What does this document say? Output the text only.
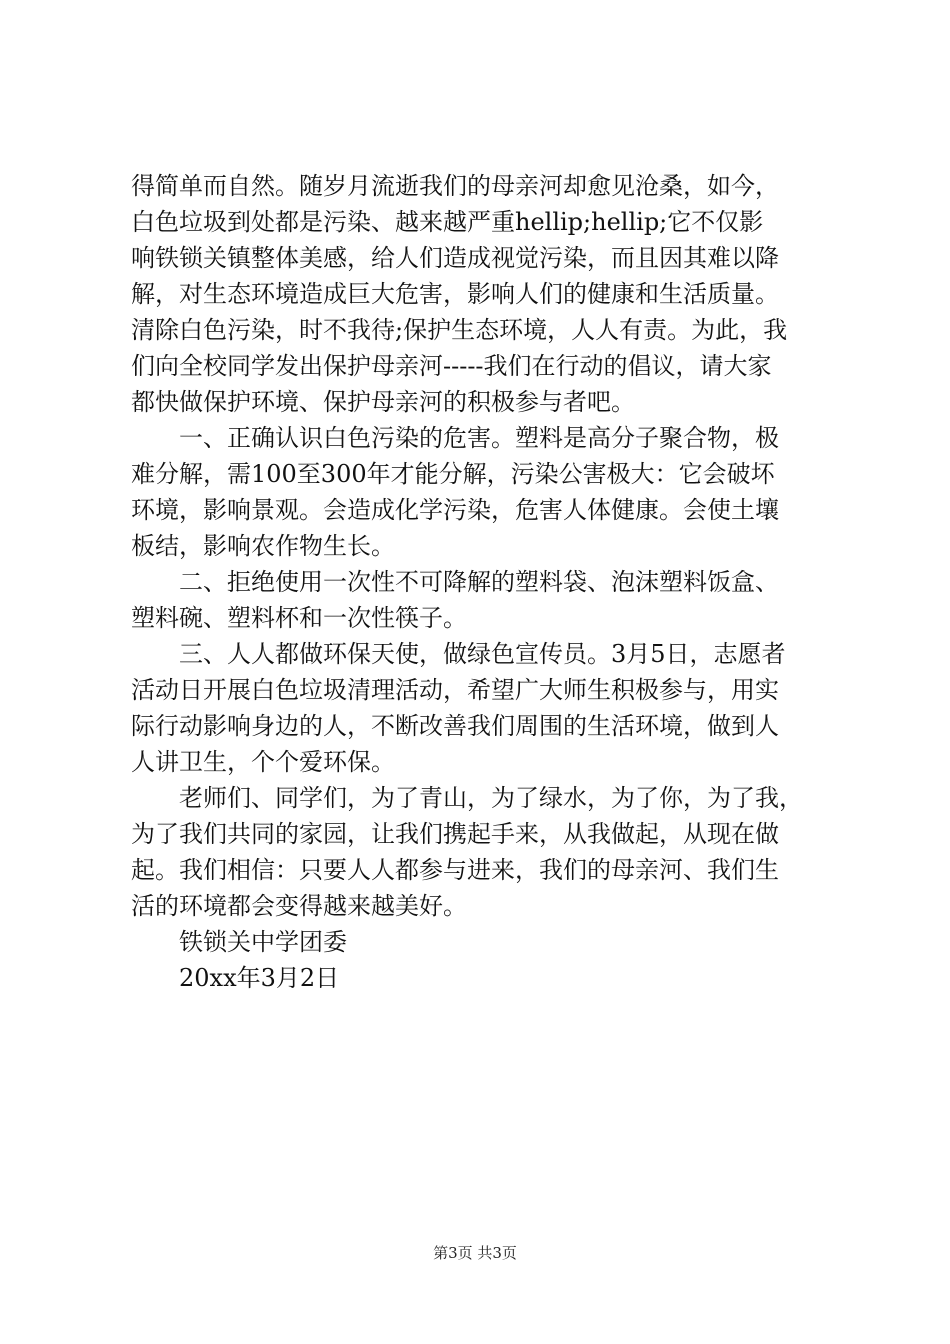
得简单而自然。随岁月流逝我们的母亲河却愈见沧桑，如今，
白色垃圾到处都是污染、越来越严重hellip;hellip;它不仅影
响铁锁关镇整体美感，给人们造成视觉污染，而且因其难以降
解，对生态环境造成巨大危害，影响人们的健康和生活质量。
清除白色污染，时不我待;保护生态环境，人人有责。为此，我
们向全校同学发出保护母亲河-----我们在行动的倡议，请大家
都快做保护环境、保护母亲河的积极参与者吧。
一、正确认识白色污染的危害。塑料是高分子聚合物，极
难分解，需100至300年才能分解，污染公害极大：它会破坏
环境，影响景观。会造成化学污染，危害人体健康。会使土壤
板结，影响农作物生长。
二、拒绝使用一次性不可降解的塑料袋、泡沫塑料饭盒、
塑料碗、塑料杯和一次性筷子。
三、人人都做环保天使，做绿色宣传员。3月5日，志愿者
活动日开展白色垃圾清理活动，希望广大师生积极参与，用实
际行动影响身边的人，不断改善我们周围的生活环境，做到人
人讲卫生，个个爱环保。
老师们、同学们，为了青山，为了绿水，为了你，为了我，
为了我们共同的家园，让我们携起手来，从我做起，从现在做
起。我们相信：只要人人都参与进来，我们的母亲河、我们生
活的环境都会变得越来越美好。
铁锁关中学团委
20xx年3月2日
第3页 共3页
